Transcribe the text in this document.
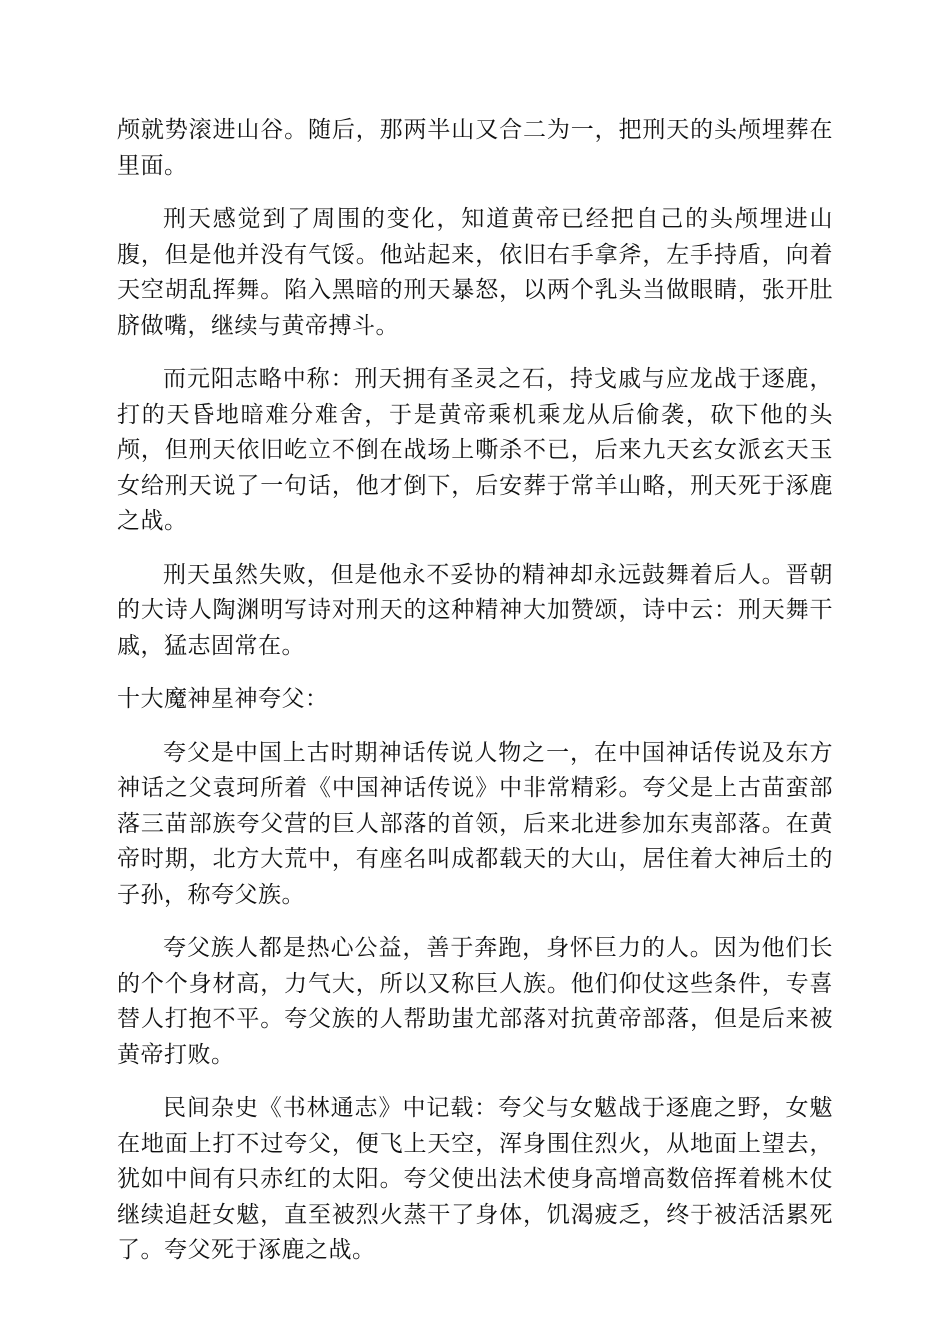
颅就势滚进山谷。随后，那两半山又合二为一，把刑天的头颅埋葬在里面。

刑天感觉到了周围的变化，知道黄帝已经把自己的头颅埋进山腹，但是他并没有气馁。他站起来，依旧右手拿斧，左手持盾，向着天空胡乱挥舞。陷入黑暗的刑天暴怒，以两个乳头当做眼睛，张开肚脐做嘴，继续与黄帝搏斗。

而元阳志略中称：刑天拥有圣灵之石，持戈戚与应龙战于逐鹿，打的天昏地暗难分难舍，于是黄帝乘机乘龙从后偷袭，砍下他的头颅，但刑天依旧屹立不倒在战场上嘶杀不已，后来九天玄女派玄天玉女给刑天说了一句话，他才倒下，后安葬于常羊山略，刑天死于涿鹿之战。

刑天虽然失败，但是他永不妥协的精神却永远鼓舞着后人。晋朝的大诗人陶渊明写诗对刑天的这种精神大加赞颂，诗中云：刑天舞干戚，猛志固常在。

十大魔神星神夸父：

夸父是中国上古时期神话传说人物之一，在中国神话传说及东方神话之父袁珂所着《中国神话传说》中非常精彩。夸父是上古苗蛮部落三苗部族夸父营的巨人部落的首领，后来北进参加东夷部落。在黄帝时期，北方大荒中，有座名叫成都载天的大山，居住着大神后土的子孙，称夸父族。

夸父族人都是热心公益，善于奔跑，身怀巨力的人。因为他们长的个个身材高，力气大，所以又称巨人族。他们仰仗这些条件，专喜替人打抱不平。夸父族的人帮助蚩尤部落对抗黄帝部落，但是后来被黄帝打败。

民间杂史《书林通志》中记载：夸父与女魃战于逐鹿之野，女魃在地面上打不过夸父，便飞上天空，浑身围住烈火，从地面上望去，犹如中间有只赤红的太阳。夸父使出法术使身高增高数倍挥着桃木仗继续追赶女魃，直至被烈火蒸干了身体，饥渴疲乏，终于被活活累死了。夸父死于涿鹿之战。
